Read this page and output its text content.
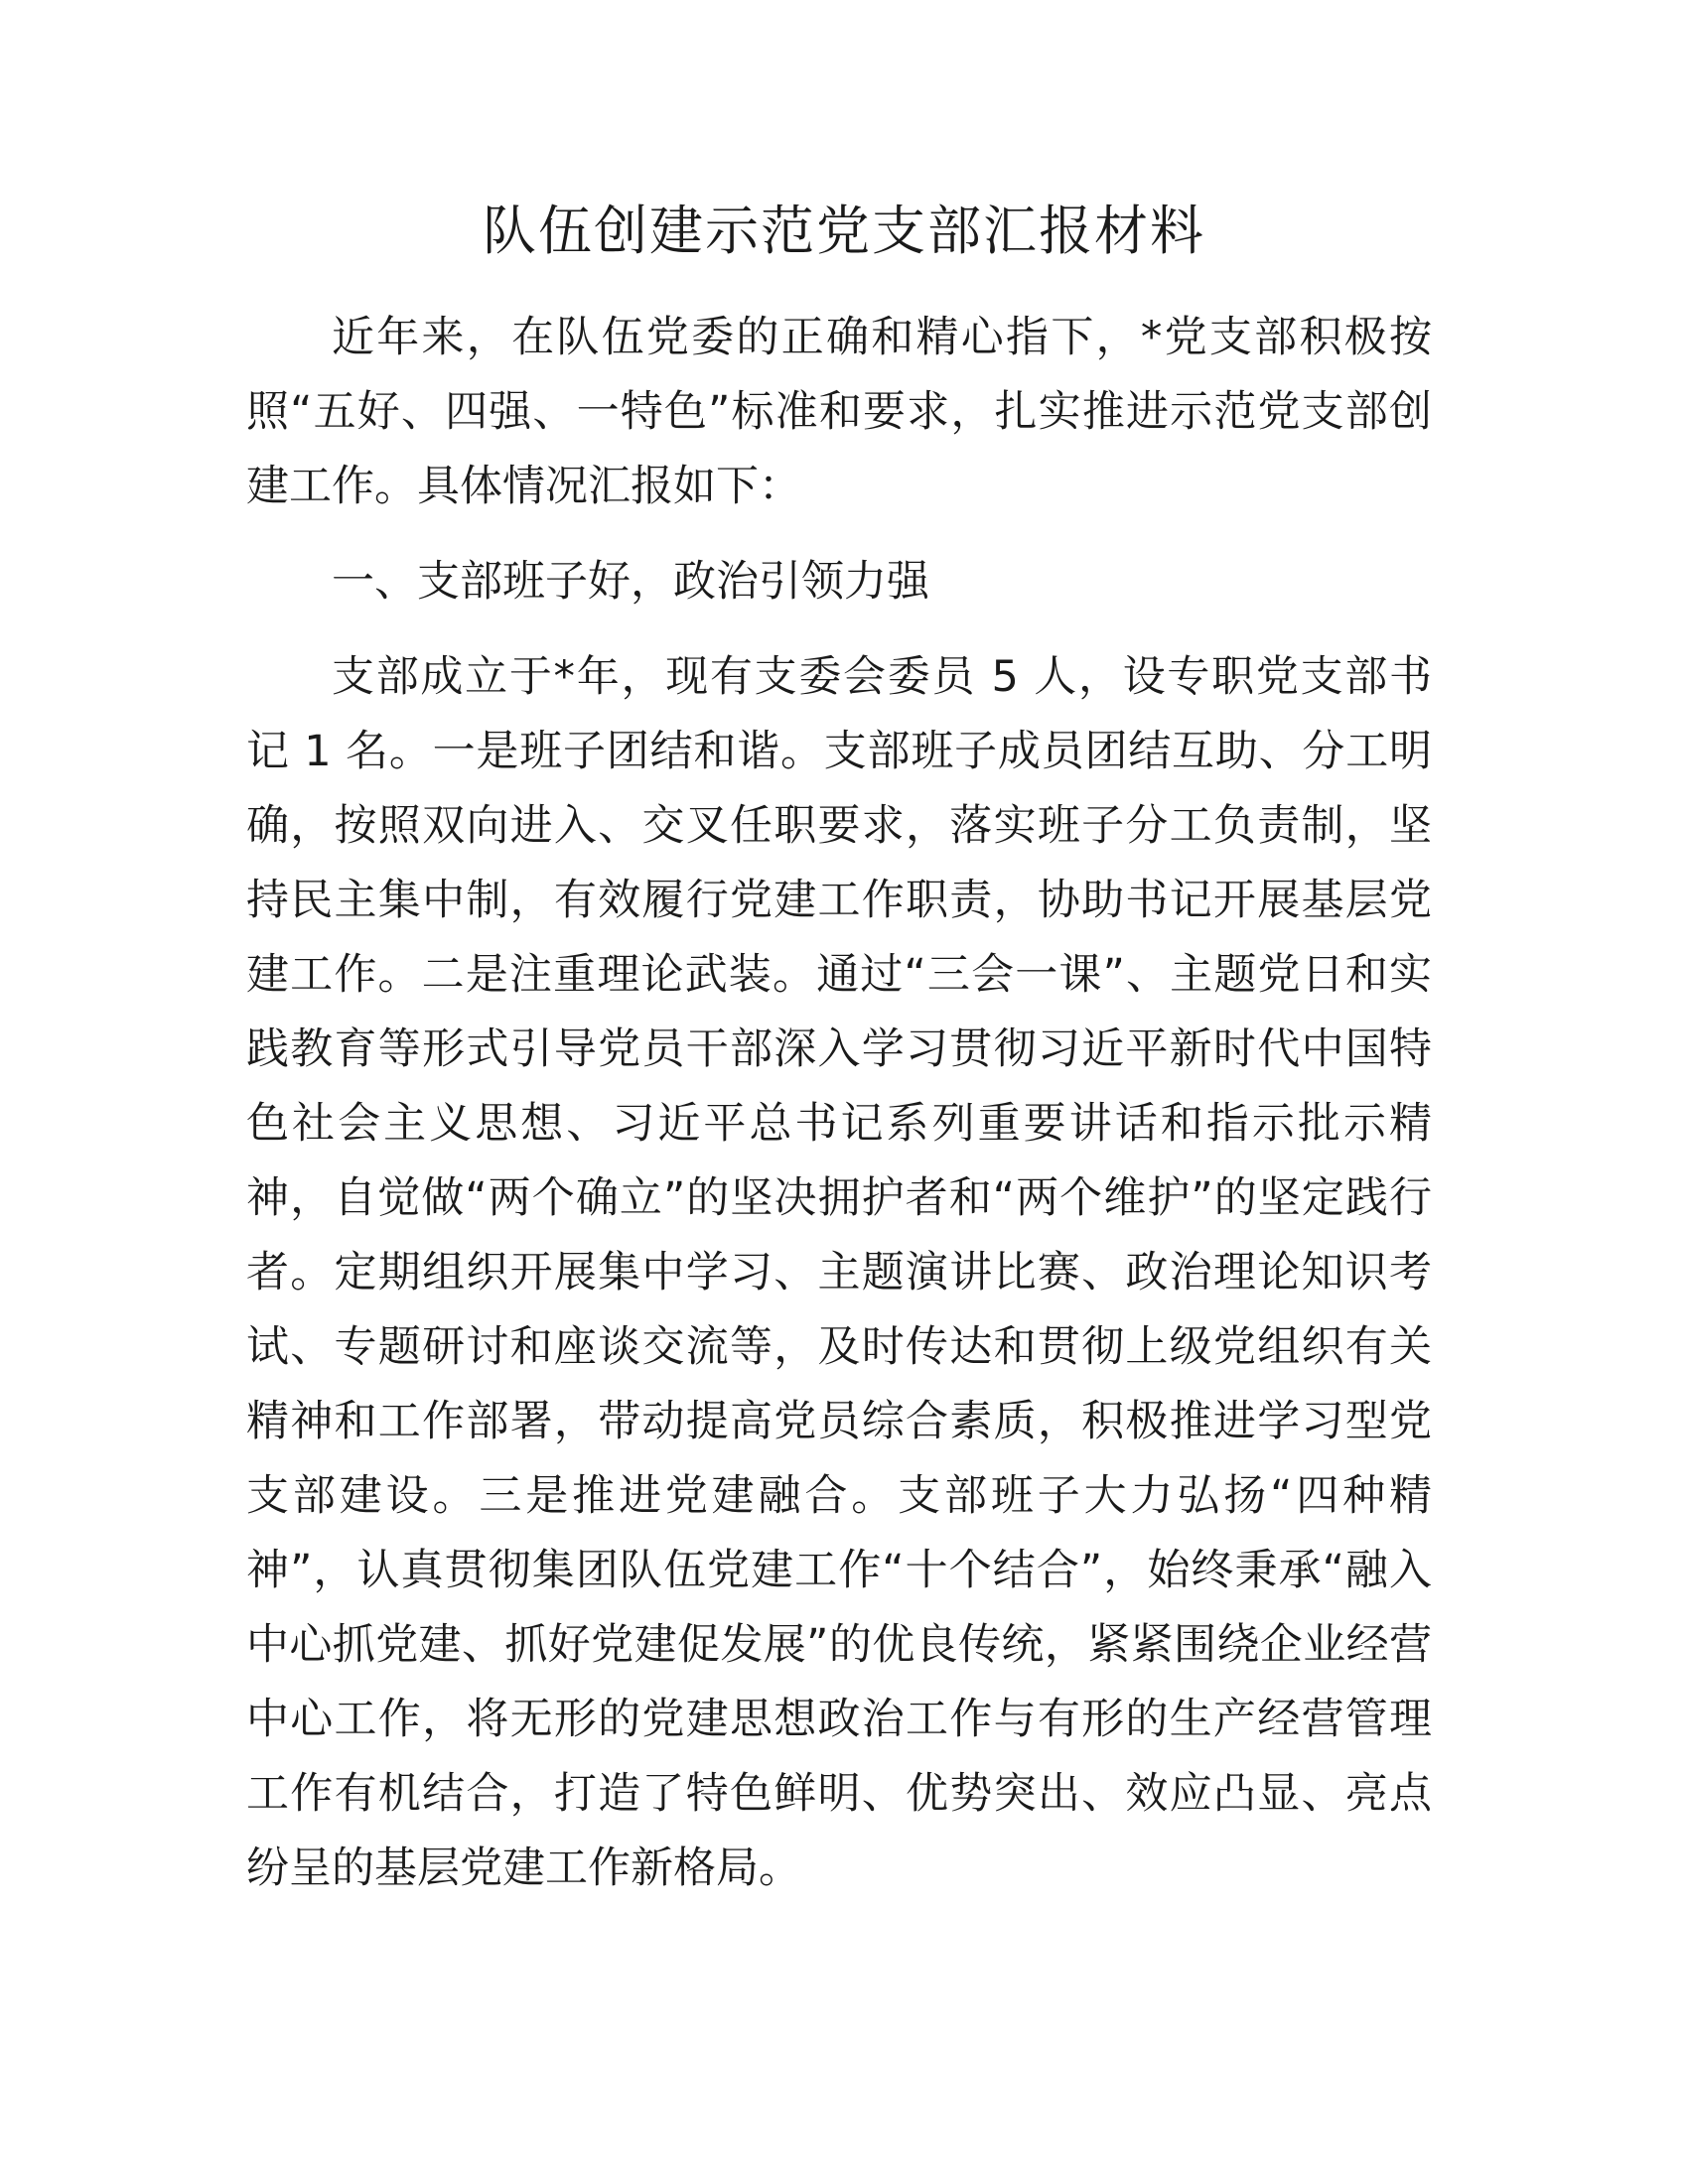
队伍创建示范党支部汇报材料

近年来，在队伍党委的正确和精心指下，*党支部积极按照“五好、四强、一特色”标准和要求，扎实推进示范党支部创建工作。具体情况汇报如下：

一、支部班子好，政治引领力强

支部成立于*年，现有支委会委员 5 人，设专职党支部书记 1 名。一是班子团结和谐。支部班子成员团结互助、分工明确，按照双向进入、交叉任职要求，落实班子分工负责制，坚持民主集中制，有效履行党建工作职责，协助书记开展基层党建工作。二是注重理论武装。通过“三会一课”、主题党日和实践教育等形式引导党员干部深入学习贯彻习近平新时代中国特色社会主义思想、习近平总书记系列重要讲话和指示批示精神，自觉做“两个确立”的坚决拥护者和“两个维护”的坚定践行者。定期组织开展集中学习、主题演讲比赛、政治理论知识考试、专题研讨和座谈交流等，及时传达和贯彻上级党组织有关精神和工作部署，带动提高党员综合素质，积极推进学习型党支部建设。三是推进党建融合。支部班子大力弘扬“四种精神”，认真贯彻集团队伍党建工作“十个结合”，始终秉承“融入中心抓党建、抓好党建促发展”的优良传统，紧紧围绕企业经营中心工作，将无形的党建思想政治工作与有形的生产经营管理工作有机结合，打造了特色鲜明、优势突出、效应凸显、亮点纷呈的基层党建工作新格局。
